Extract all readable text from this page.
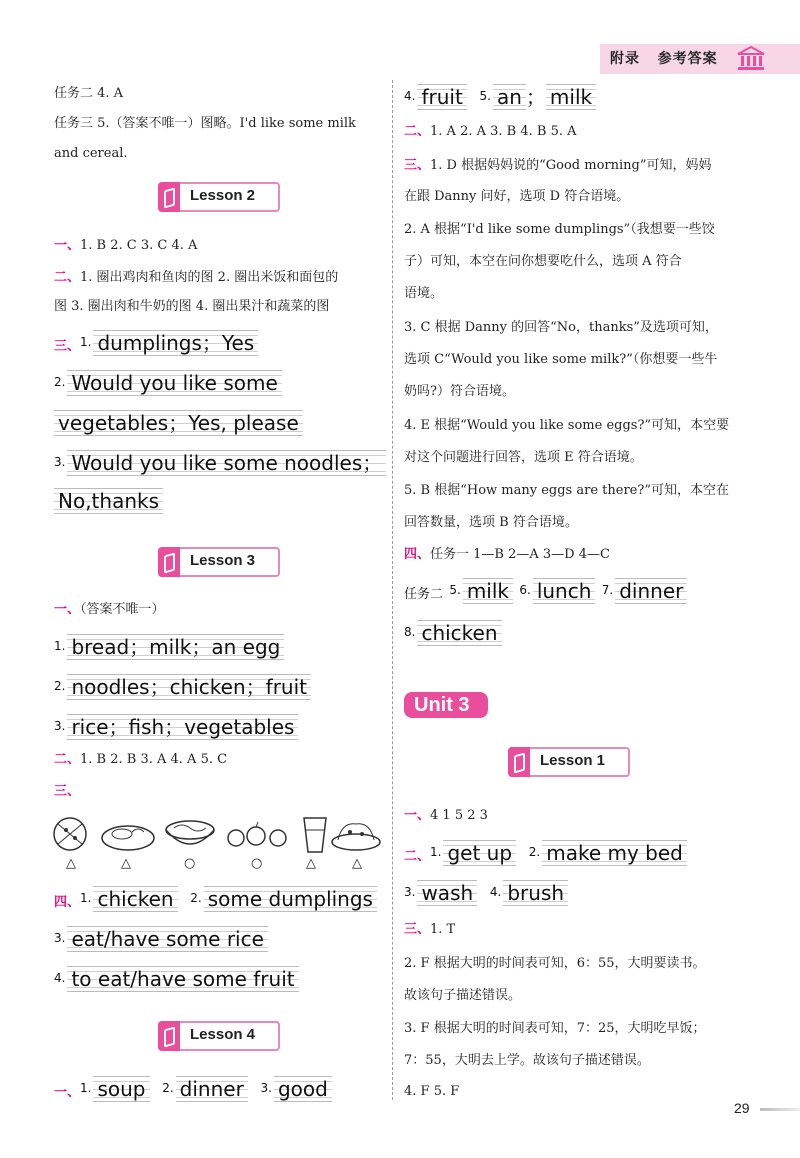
附录 参考答案
任务二 4. A
任务三 5.（答案不唯一）图略。I'd like some milk
and cereal.
Lesson 2
一、1. B 2. C 3. C 4. A
二、1. 圈出鸡肉和鱼肉的图 2. 圈出米饭和面包的
图 3. 圈出肉和牛奶的图 4. 圈出果汁和蔬菜的图
三、$^{1.}$ dumplings；Yes
$^{2.}$ Would you like some
vegetables；Yes, please
$^{3.}$ Would you like some noodles；
No,thanks
Lesson 3
一、（答案不唯一）
$^{1.}$ bread；milk；an egg
$^{2.}$ noodles；chicken；fruit
$^{3.}$ rice；fish；vegetables
二、1. B 2. B 3. A 4. A 5. C
三、
△	△	○	○	△	△
四、$^{1.}$ chicken $^{2.}$ some dumplings
$^{3.}$ eat/have some rice
$^{4.}$ to eat/have some fruit
Lesson 4
一、$^{1.}$ soup $^{2.}$ dinner $^{3.}$ good
$^{4.}$ fruit $^{5.}$ an ； milk
二、1. A 2. A 3. B 4. B 5. A
三、1. D 根据妈妈说的“Good morning”可知，妈妈
在跟 Danny 问好，选项 D 符合语境。
2. A 根据“I'd like some dumplings”（我想要一些饺
子）可知，本空在问你想要吃什么，选项 A 符合
语境。
3. C 根据 Danny 的回答“No，thanks”及选项可知，
选项 C“Would you like some milk?”（你想要一些牛
奶吗?）符合语境。
4. E 根据“Would you like some eggs?”可知，本空要
对这个问题进行回答，选项 E 符合语境。
5. B 根据“How many eggs are there?”可知，本空在
回答数量，选项 B 符合语境。
四、任务一 1—B 2—A 3—D 4—C
任务二 $^{5.}$ milk $^{6.}$ lunch $^{7.}$ dinner
$^{8.}$ chicken
Unit 3
Lesson 1
一、4 1 5 2 3
二、$^{1.}$ get up $^{2.}$ make my bed
$^{3.}$ wash $^{4.}$ brush
三、1. T
2. F 根据大明的时间表可知，6：55，大明要读书。
故该句子描述错误。
3. F 根据大明的时间表可知，7：25，大明吃早饭；
7：55，大明去上学。故该句子描述错误。
4. F 5. F
29
